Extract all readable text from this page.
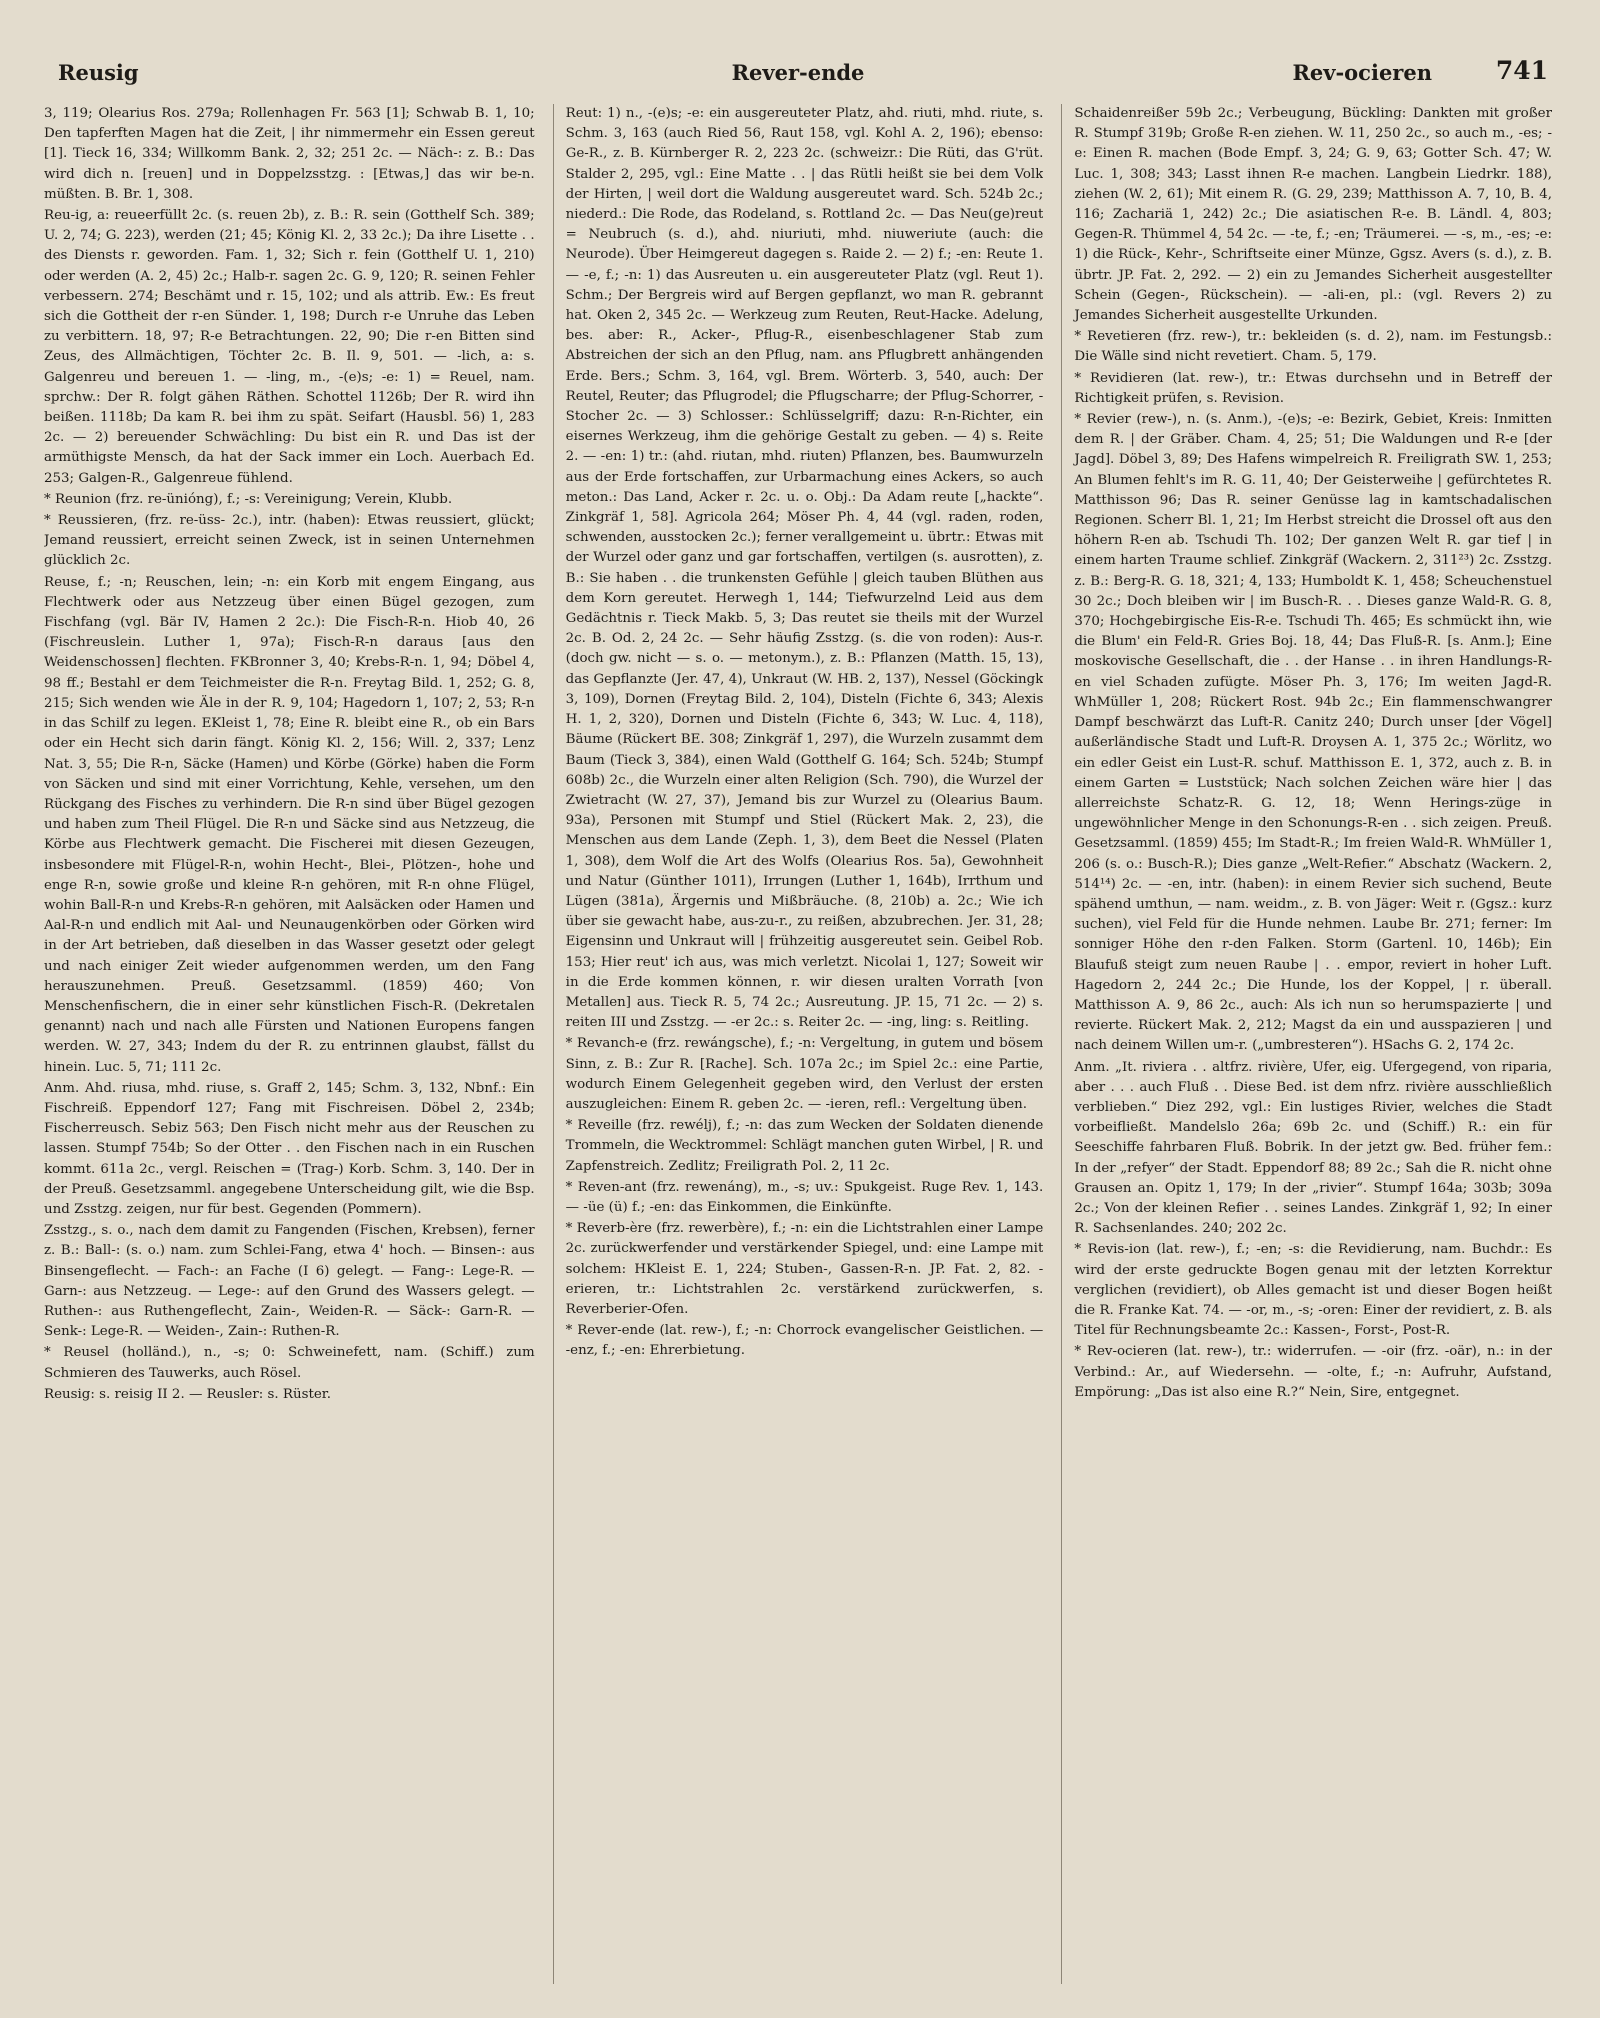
Reusig	Rever-ende	Rev-ocieren	741

3, 119; Olearius Ros. 279a; Rollenhagen Fr. 563 [1]; Schwab B. 1, 10; Den tapferften Magen hat die Zeit, | ihr nimmermehr ein Essen gereut [1]. Tieck 16, 334; Willkomm Bank. 2, 32; 251 2c. — Näch-: z. B.: Das wird dich n. [reuen] und in Doppelzsstzg. : [Etwas,] das wir be-n. müßten. B. Br. 1, 308.

Reu-ig, a: reueerfüllt 2c. (s. reuen 2b), z. B.: R. sein (Gotthelf Sch. 389; U. 2, 74; G. 223), werden (21; 45; König Kl. 2, 33 2c.); Da ihre Lisette . . des Diensts r. geworden. Fam. 1, 32; Sich r. fein (Gotthelf U. 1, 210) oder werden (A. 2, 45) 2c.; Halb-r. sagen 2c. G. 9, 120; R. seinen Fehler verbessern. 274; Beschämt und r. 15, 102; und als attrib. Ew.: Es freut sich die Gottheit der r-en Sünder. 1, 198; Durch r-e Unruhe das Leben zu verbittern. 18, 97; R-e Betrachtungen. 22, 90; Die r-en Bitten sind Zeus, des Allmächtigen, Töchter 2c. B. Il. 9, 501. — -lich, a: s. Galgenreu und bereuen 1. — -ling, m., -(e)s; -e: 1) = Reuel, nam. sprchw.: Der R. folgt gähen Räthen. Schottel 1126b; Der R. wird ihn beißen. 1118b; Da kam R. bei ihm zu spät. Seifart (Hausbl. 56) 1, 283 2c. — 2) bereuender Schwächling: Du bist ein R. und Das ist der armüthigste Mensch, da hat der Sack immer ein Loch. Auerbach Ed. 253; Galgen-R., Galgenreue fühlend.

* Reunion (frz. re-ünióng), f.; -s: Vereinigung; Verein, Klubb.

* Reussieren, (frz. re-üss- 2c.), intr. (haben): Etwas reussiert, glückt; Jemand reussiert, erreicht seinen Zweck, ist in seinen Unternehmen glücklich 2c.

Reuse, f.; -n; Reuschen, lein; -n: ein Korb mit engem Eingang, aus Flechtwerk oder aus Netzzeug über einen Bügel gezogen, zum Fischfang (vgl. Bär IV, Hamen 2 2c.): Die Fisch-R-n. Hiob 40, 26 (Fischreuslein. Luther 1, 97a); Fisch-R-n daraus [aus den Weidenschossen] flechten. FKBronner 3, 40; Krebs-R-n. 1, 94; Döbel 4, 98 ff.; Bestahl er dem Teichmeister die R-n. Freytag Bild. 1, 252; G. 8, 215; Sich wenden wie Äle in der R. 9, 104; Hagedorn 1, 107; 2, 53; R-n in das Schilf zu legen. EKleist 1, 78; Eine R. bleibt eine R., ob ein Bars oder ein Hecht sich darin fängt. König Kl. 2, 156; Will. 2, 337; Lenz Nat. 3, 55; Die R-n, Säcke (Hamen) und Körbe (Görke) haben die Form von Säcken und sind mit einer Vorrichtung, Kehle, versehen, um den Rückgang des Fisches zu verhindern. Die R-n sind über Bügel gezogen und haben zum Theil Flügel. Die R-n und Säcke sind aus Netzzeug, die Körbe aus Flechtwerk gemacht. Die Fischerei mit diesen Gezeugen, insbesondere mit Flügel-R-n, wohin Hecht-, Blei-, Plötzen-, hohe und enge R-n, sowie große und kleine R-n gehören, mit R-n ohne Flügel, wohin Ball-R-n und Krebs-R-n gehören, mit Aalsäcken oder Hamen und Aal-R-n und endlich mit Aal- und Neunaugenkörben oder Görken wird in der Art betrieben, daß dieselben in das Wasser gesetzt oder gelegt und nach einiger Zeit wieder aufgenommen werden, um den Fang herauszunehmen. Preuß. Gesetzsamml. (1859) 460; Von Menschenfischern, die in einer sehr künstlichen Fisch-R. (Dekretalen genannt) nach und nach alle Fürsten und Nationen Europens fangen werden. W. 27, 343; Indem du der R. zu entrinnen glaubst, fällst du hinein. Luc. 5, 71; 111 2c.

Anm. Ahd. riusa, mhd. riuse, s. Graff 2, 145; Schm. 3, 132, Nbnf.: Ein Fischreiß. Eppendorf 127; Fang mit Fischreisen. Döbel 2, 234b; Fischerreusch. Sebiz 563; Den Fisch nicht mehr aus der Reuschen zu lassen. Stumpf 754b; So der Otter . . den Fischen nach in ein Ruschen kommt. 611a 2c., vergl. Reischen = (Trag-) Korb. Schm. 3, 140. Der in der Preuß. Gesetzsamml. angegebene Unterscheidung gilt, wie die Bsp. und Zsstzg. zeigen, nur für best. Gegenden (Pommern).

Zsstzg., s. o., nach dem damit zu Fangenden (Fischen, Krebsen), ferner z. B.: Ball-: (s. o.) nam. zum Schlei-Fang, etwa 4' hoch. — Binsen-: aus Binsengeflecht. — Fach-: an Fache (I 6) gelegt. — Fang-: Lege-R. — Garn-: aus Netzzeug. — Lege-: auf den Grund des Wassers gelegt. — Ruthen-: aus Ruthengeflecht, Zain-, Weiden-R. — Säck-: Garn-R. — Senk-: Lege-R. — Weiden-, Zain-: Ruthen-R.

* Reusel (holländ.), n., -s; 0: Schweinefett, nam. (Schiff.) zum Schmieren des Tauwerks, auch Rösel.

Reusig: s. reisig II 2. — Reusler: s. Rüster.

Reut: 1) n., -(e)s; -e: ein ausgereuteter Platz, ahd. riuti, mhd. riute, s. Schm. 3, 163 (auch Ried 56, Raut 158, vgl. Kohl A. 2, 196); ebenso: Ge-R., z. B. Kürnberger R. 2, 223 2c. (schweizr.: Die Rüti, das G'rüt. Stalder 2, 295, vgl.: Eine Matte . . | das Rütli heißt sie bei dem Volk der Hirten, | weil dort die Waldung ausgereutet ward. Sch. 524b 2c.; niederd.: Die Rode, das Rodeland, s. Rottland 2c. — Das Neu(ge)reut = Neubruch (s. d.), ahd. niuriuti, mhd. niuweriute (auch: die Neurode). Über Heimgereut dagegen s. Raide 2. — 2) f.; -en: Reute 1. — -e, f.; -n: 1) das Ausreuten u. ein ausgereuteter Platz (vgl. Reut 1). Schm.; Der Bergreis wird auf Bergen gepflanzt, wo man R. gebrannt hat. Oken 2, 345 2c. — Werkzeug zum Reuten, Reut-Hacke. Adelung, bes. aber: R., Acker-, Pflug-R., eisenbeschlagener Stab zum Abstreichen der sich an den Pflug, nam. ans Pflugbrett anhängenden Erde. Bers.; Schm. 3, 164, vgl. Brem. Wörterb. 3, 540, auch: Der Reutel, Reuter; das Pflugrodel; die Pflugscharre; der Pflug-Schorrer, -Stocher 2c. — 3) Schlosser.: Schlüsselgriff; dazu: R-n-Richter, ein eisernes Werkzeug, ihm die gehörige Gestalt zu geben. — 4) s. Reite 2. — -en: 1) tr.: (ahd. riutan, mhd. riuten) Pflanzen, bes. Baumwurzeln aus der Erde fortschaffen, zur Urbarmachung eines Ackers, so auch meton.: Das Land, Acker r. 2c. u. o. Obj.: Da Adam reute [„hackte“. Zinkgräf 1, 58]. Agricola 264; Möser Ph. 4, 44 (vgl. raden, roden, schwenden, ausstocken 2c.); ferner verallgemeint u. übrtr.: Etwas mit der Wurzel oder ganz und gar fortschaffen, vertilgen (s. ausrotten), z. B.: Sie haben . . die trunkensten Gefühle | gleich tauben Blüthen aus dem Korn gereutet. Herwegh 1, 144; Tiefwurzelnd Leid aus dem Gedächtnis r. Tieck Makb. 5, 3; Das reutet sie theils mit der Wurzel 2c. B. Od. 2, 24 2c. — Sehr häufig Zsstzg. (s. die von roden): Aus-r. (doch gw. nicht — s. o. — metonym.), z. B.: Pflanzen (Matth. 15, 13), das Gepflanzte (Jer. 47, 4), Unkraut (W. HB. 2, 137), Nessel (Göckingk 3, 109), Dornen (Freytag Bild. 2, 104), Disteln (Fichte 6, 343; Alexis H. 1, 2, 320), Dornen und Disteln (Fichte 6, 343; W. Luc. 4, 118), Bäume (Rückert BE. 308; Zinkgräf 1, 297), die Wurzeln zusammt dem Baum (Tieck 3, 384), einen Wald (Gotthelf G. 164; Sch. 524b; Stumpf 608b) 2c., die Wurzeln einer alten Religion (Sch. 790), die Wurzel der Zwietracht (W. 27, 37), Jemand bis zur Wurzel zu (Olearius Baum. 93a), Personen mit Stumpf und Stiel (Rückert Mak. 2, 23), die Menschen aus dem Lande (Zeph. 1, 3), dem Beet die Nessel (Platen 1, 308), dem Wolf die Art des Wolfs (Olearius Ros. 5a), Gewohnheit und Natur (Günther 1011), Irrungen (Luther 1, 164b), Irrthum und Lügen (381a), Ärgernis und Mißbräuche. (8, 210b) a. 2c.; Wie ich über sie gewacht habe, aus-zu-r., zu reißen, abzubrechen. Jer. 31, 28; Eigensinn und Unkraut will | frühzeitig ausgereutet sein. Geibel Rob. 153; Hier reut' ich aus, was mich verletzt. Nicolai 1, 127; Soweit wir in die Erde kommen können, r. wir diesen uralten Vorrath [von Metallen] aus. Tieck R. 5, 74 2c.; Ausreutung. JP. 15, 71 2c. — 2) s. reiten III und Zsstzg. — -er 2c.: s. Reiter 2c. — -ing, ling: s. Reitling.

* Revanch-e (frz. rewángsche), f.; -n: Vergeltung, in gutem und bösem Sinn, z. B.: Zur R. [Rache]. Sch. 107a 2c.; im Spiel 2c.: eine Partie, wodurch Einem Gelegenheit gegeben wird, den Verlust der ersten auszugleichen: Einem R. geben 2c. — -ieren, refl.: Vergeltung üben.

* Reveille (frz. rewélj), f.; -n: das zum Wecken der Soldaten dienende Trommeln, die Wecktrommel: Schlägt manchen guten Wirbel, | R. und Zapfenstreich. Zedlitz; Freiligrath Pol. 2, 11 2c.

* Reven-ant (frz. rewenáng), m., -s; uv.: Spukgeist. Ruge Rev. 1, 143. — -üe (ü) f.; -en: das Einkommen, die Einkünfte.

* Reverb-ère (frz. rewerbère), f.; -n: ein die Lichtstrahlen einer Lampe 2c. zurückwerfender und verstärkender Spiegel, und: eine Lampe mit solchem: HKleist E. 1, 224; Stuben-, Gassen-R-n. JP. Fat. 2, 82. -erieren, tr.: Lichtstrahlen 2c. verstärkend zurückwerfen, s. Reverberier-Ofen.

* Rever-ende (lat. rew-), f.; -n: Chorrock evangelischer Geistlichen. — -enz, f.; -en: Ehrerbietung.

Schaidenreißer 59b 2c.; Verbeugung, Bückling: Dankten mit großer R. Stumpf 319b; Große R-en ziehen. W. 11, 250 2c., so auch m., -es; -e: Einen R. machen (Bode Empf. 3, 24; G. 9, 63; Gotter Sch. 47; W. Luc. 1, 308; 343; Lasst ihnen R-e machen. Langbein Liedrkr. 188), ziehen (W. 2, 61); Mit einem R. (G. 29, 239; Matthisson A. 7, 10, B. 4, 116; Zachariä 1, 242) 2c.; Die asiatischen R-e. B. Ländl. 4, 803; Gegen-R. Thümmel 4, 54 2c. — -te, f.; -en; Träumerei. — -s, m., -es; -e: 1) die Rück-, Kehr-, Schriftseite einer Münze, Ggsz. Avers (s. d.), z. B. übrtr. JP. Fat. 2, 292. — 2) ein zu Jemandes Sicherheit ausgestellter Schein (Gegen-, Rückschein). — -ali-en, pl.: (vgl. Revers 2) zu Jemandes Sicherheit ausgestellte Urkunden.

* Revetieren (frz. rew-), tr.: bekleiden (s. d. 2), nam. im Festungsb.: Die Wälle sind nicht revetiert. Cham. 5, 179.

* Revidieren (lat. rew-), tr.: Etwas durchsehn und in Betreff der Richtigkeit prüfen, s. Revision.

* Revier (rew-), n. (s. Anm.), -(e)s; -e: Bezirk, Gebiet, Kreis: Inmitten dem R. | der Gräber. Cham. 4, 25; 51; Die Waldungen und R-e [der Jagd]. Döbel 3, 89; Des Hafens wimpelreich R. Freiligrath SW. 1, 253; An Blumen fehlt's im R. G. 11, 40; Der Geisterweihe | gefürchtetes R. Matthisson 96; Das R. seiner Genüsse lag in kamtschadalischen Regionen. Scherr Bl. 1, 21; Im Herbst streicht die Drossel oft aus den höhern R-en ab. Tschudi Th. 102; Der ganzen Welt R. gar tief | in einem harten Traume schlief. Zinkgräf (Wackern. 2, 311²³) 2c. Zsstzg. z. B.: Berg-R. G. 18, 321; 4, 133; Humboldt K. 1, 458; Scheuchenstuel 30 2c.; Doch bleiben wir | im Busch-R. . . Dieses ganze Wald-R. G. 8, 370; Hochgebirgische Eis-R-e. Tschudi Th. 465; Es schmückt ihn, wie die Blum' ein Feld-R. Gries Boj. 18, 44; Das Fluß-R. [s. Anm.]; Eine moskovische Gesellschaft, die . . der Hanse . . in ihren Handlungs-R-en viel Schaden zufügte. Möser Ph. 3, 176; Im weiten Jagd-R. WhMüller 1, 208; Rückert Rost. 94b 2c.; Ein flammenschwangrer Dampf beschwärzt das Luft-R. Canitz 240; Durch unser [der Vögel] außerländische Stadt und Luft-R. Droysen A. 1, 375 2c.; Wörlitz, wo ein edler Geist ein Lust-R. schuf. Matthisson E. 1, 372, auch z. B. in einem Garten = Luststück; Nach solchen Zeichen wäre hier | das allerreichste Schatz-R. G. 12, 18; Wenn Herings-züge in ungewöhnlicher Menge in den Schonungs-R-en . . sich zeigen. Preuß. Gesetzsamml. (1859) 455; Im Stadt-R.; Im freien Wald-R. WhMüller 1, 206 (s. o.: Busch-R.); Dies ganze „Welt-Refier.“ Abschatz (Wackern. 2, 514¹⁴) 2c. — -en, intr. (haben): in einem Revier sich suchend, Beute spähend umthun, — nam. weidm., z. B. von Jäger: Weit r. (Ggsz.: kurz suchen), viel Feld für die Hunde nehmen. Laube Br. 271; ferner: Im sonniger Höhe den r-den Falken. Storm (Gartenl. 10, 146b); Ein Blaufuß steigt zum neuen Raube | . . empor, reviert in hoher Luft. Hagedorn 2, 244 2c.; Die Hunde, los der Koppel, | r. überall. Matthisson A. 9, 86 2c., auch: Als ich nun so herumspazierte | und revierte. Rückert Mak. 2, 212; Magst da ein und ausspazieren | und nach deinem Willen um-r. („umbresteren“). HSachs G. 2, 174 2c.

Anm. „It. riviera . . altfrz. rivière, Ufer, eig. Ufergegend, von riparia, aber . . . auch Fluß . . Diese Bed. ist dem nfrz. rivière ausschließlich verblieben.“ Diez 292, vgl.: Ein lustiges Rivier, welches die Stadt vorbeifließt. Mandelslo 26a; 69b 2c. und (Schiff.) R.: ein für Seeschiffe fahrbaren Fluß. Bobrik. In der jetzt gw. Bed. früher fem.: In der „refyer“ der Stadt. Eppendorf 88; 89 2c.; Sah die R. nicht ohne Grausen an. Opitz 1, 179; In der „rivier“. Stumpf 164a; 303b; 309a 2c.; Von der kleinen Refier . . seines Landes. Zinkgräf 1, 92; In einer R. Sachsenlandes. 240; 202 2c.

* Revis-ion (lat. rew-), f.; -en; -s: die Revidierung, nam. Buchdr.: Es wird der erste gedruckte Bogen genau mit der letzten Korrektur verglichen (revidiert), ob Alles gemacht ist und dieser Bogen heißt die R. Franke Kat. 74. — -or, m., -s; -oren: Einer der revidiert, z. B. als Titel für Rechnungsbeamte 2c.: Kassen-, Forst-, Post-R.

* Rev-ocieren (lat. rew-), tr.: widerrufen. — -oir (frz. -oär), n.: in der Verbind.: Ar., auf Wiedersehn. — -olte, f.; -n: Aufruhr, Aufstand, Empörung: „Das ist also eine R.?“ Nein, Sire, entgegnet.
